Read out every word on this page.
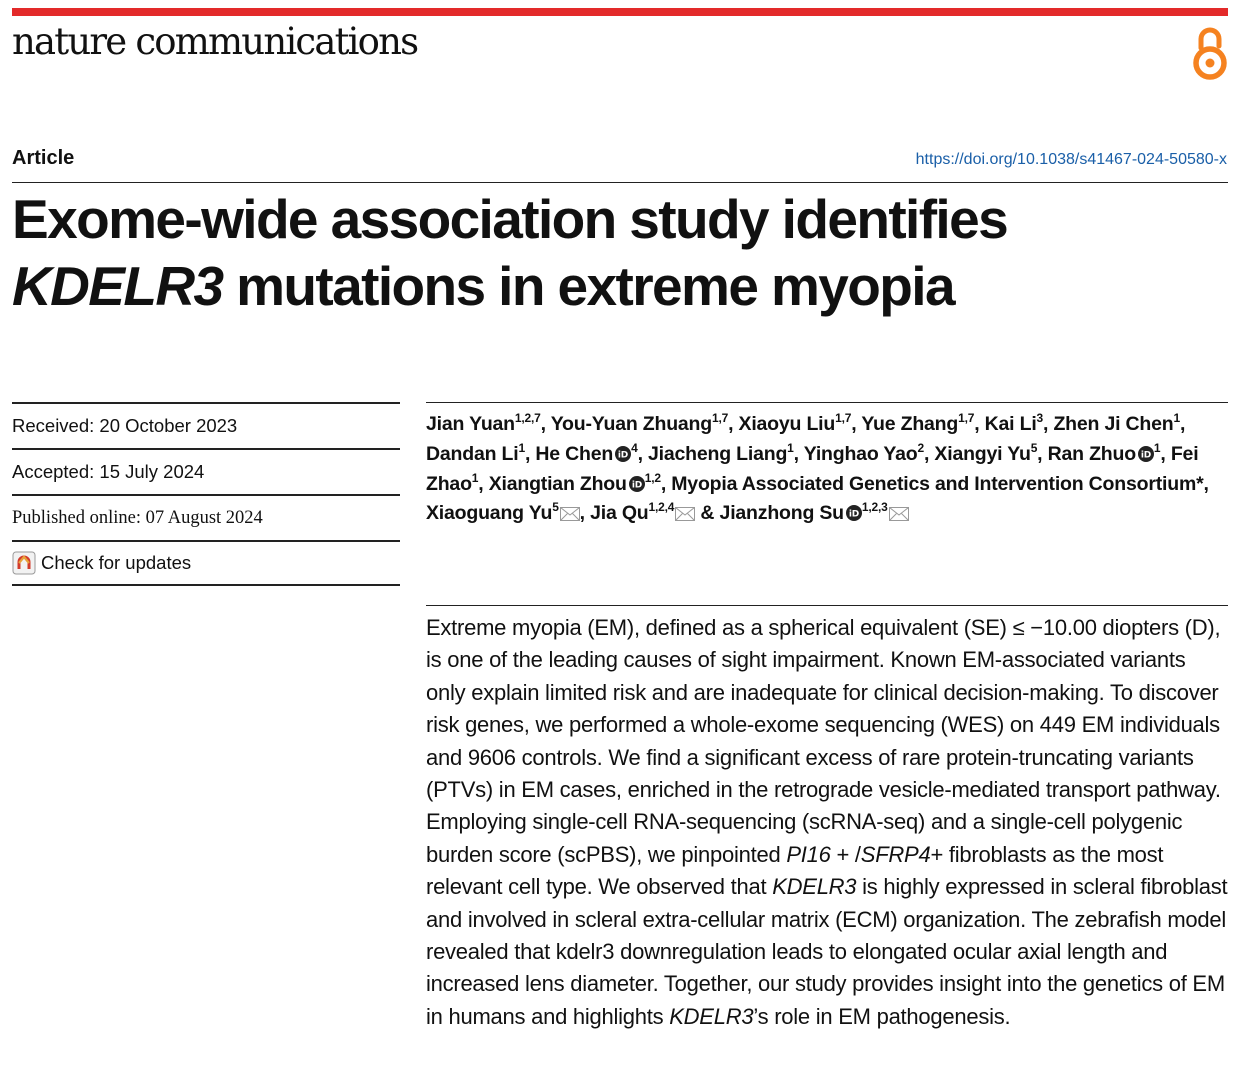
nature communications
Article	https://doi.org/10.1038/s41467-024-50580-x
Exome-wide association study identifies
KDELR3 mutations in extreme myopia
Received: 20 October 2023
Accepted: 15 July 2024
Published online: 07 August 2024
Check for updates

Jian Yuan$^{1,2,7}$, You-Yuan Zhuang$^{1,7}$, Xiaoyu Liu$^{1,7}$, Yue Zhang$^{1,7}$, Kai Li$^3$, Zhen Ji Chen$^1$, Dandan Li$^1$, He Chen iD
$^4$, Jiacheng Liang$^1$, Yinghao Yao$^2$, Xiangyi Yu$^5$, Ran Zhuo iD
$^1$, Fei Zhao$^1$, Xiangtian Zhou iD
$^{1,2}$, Myopia Associated Genetics and Intervention Consortium*, Xiaoguang Yu$^5$ , Jia Qu$^{1,2,4}$ & Jianzhong Su iD
$^{1,2,3}$

Extreme myopia (EM), defined as a spherical equivalent (SE) ≤ −10.00 diopters (D), is one of the leading causes of sight impairment. Known EM-associated variants only explain limited risk and are inadequate for clinical decision-making. To discover risk genes, we performed a whole-exome sequencing (WES) on 449 EM individuals and 9606 controls. We find a significant excess of rare protein-truncating variants (PTVs) in EM cases, enriched in the retrograde vesicle-mediated transport pathway. Employing single-cell RNA-sequencing (scRNA-seq) and a single-cell polygenic burden score (scPBS), we pinpointed PI16 + /SFRP4+ fibroblasts as the most relevant cell type. We observed that KDELR3 is highly expressed in scleral fibroblast and involved in scleral extra-cellular matrix (ECM) organization. The zebrafish model revealed that kdelr3 downregulation leads to elongated ocular axial length and increased lens diameter. Together, our study provides insight into the genetics of EM in humans and highlights KDELR3’s role in EM pathogenesis.
